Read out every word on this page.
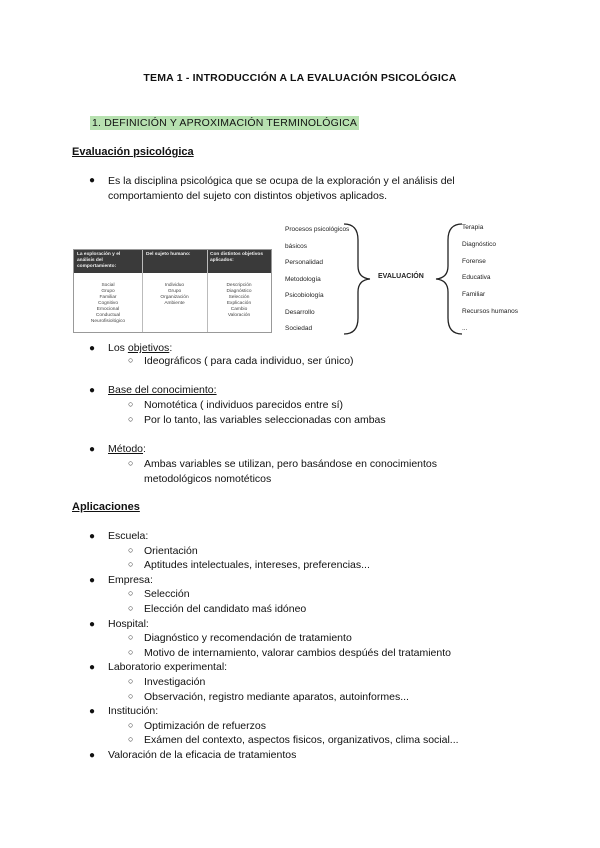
TEMA 1 - INTRODUCCIÓN A LA EVALUACIÓN PSICOLÓGICA
1. DEFINICIÓN Y APROXIMACIÓN TERMINOLÓGICA
Evaluación psicológica
● Es la disciplina psicológica que se ocupa de la exploración y el análisis del
comportamiento del sujeto con distintos objetivos aplicados.
La exploración y el análisis del comportamiento:
Del sujeto humano:	Con distintos objetivos aplicados:
Social
Grupo
Familiar
Cognitivo
Emocional
Conductual
Neurofisiológico
Individuo
Grupo
Organización
Ambiente
Descripción
Diagnóstico
Selección
Explicación
Cambio
Valoración
Procesos psicológicos
básicos
Personalidad
Metodología
Psicobiología
Desarrollo
Sociedad
EVALUACIÓN
Terapia
Diagnóstico
Forense
Educativa
Familiar
Recursos humanos
...
● Los objetivos:
○ Ideográficos ( para cada individuo, ser único)
● Base del conocimiento:
○ Nomotética ( individuos parecidos entre sí)
○ Por lo tanto, las variables seleccionadas con ambas
● Método:
○ Ambas variables se utilizan, pero basándose en conocimientos
metodológicos nomotéticos
Aplicaciones
● Escuela:
○ Orientación
○ Aptitudes intelectuales, intereses, preferencias...
● Empresa:
○ Selección
○ Elección del candidato maś idóneo
● Hospital:
○ Diagnóstico y recomendación de tratamiento
○ Motivo de internamiento, valorar cambios despúés del tratamiento
● Laboratorio experimental:
○ Investigación
○ Observación, registro mediante aparatos, autoinformes...
● Institución:
○ Optimización de refuerzos
○ Exámen del contexto, aspectos fisicos, organizativos, clima social...
● Valoración de la eficacia de tratamientos
